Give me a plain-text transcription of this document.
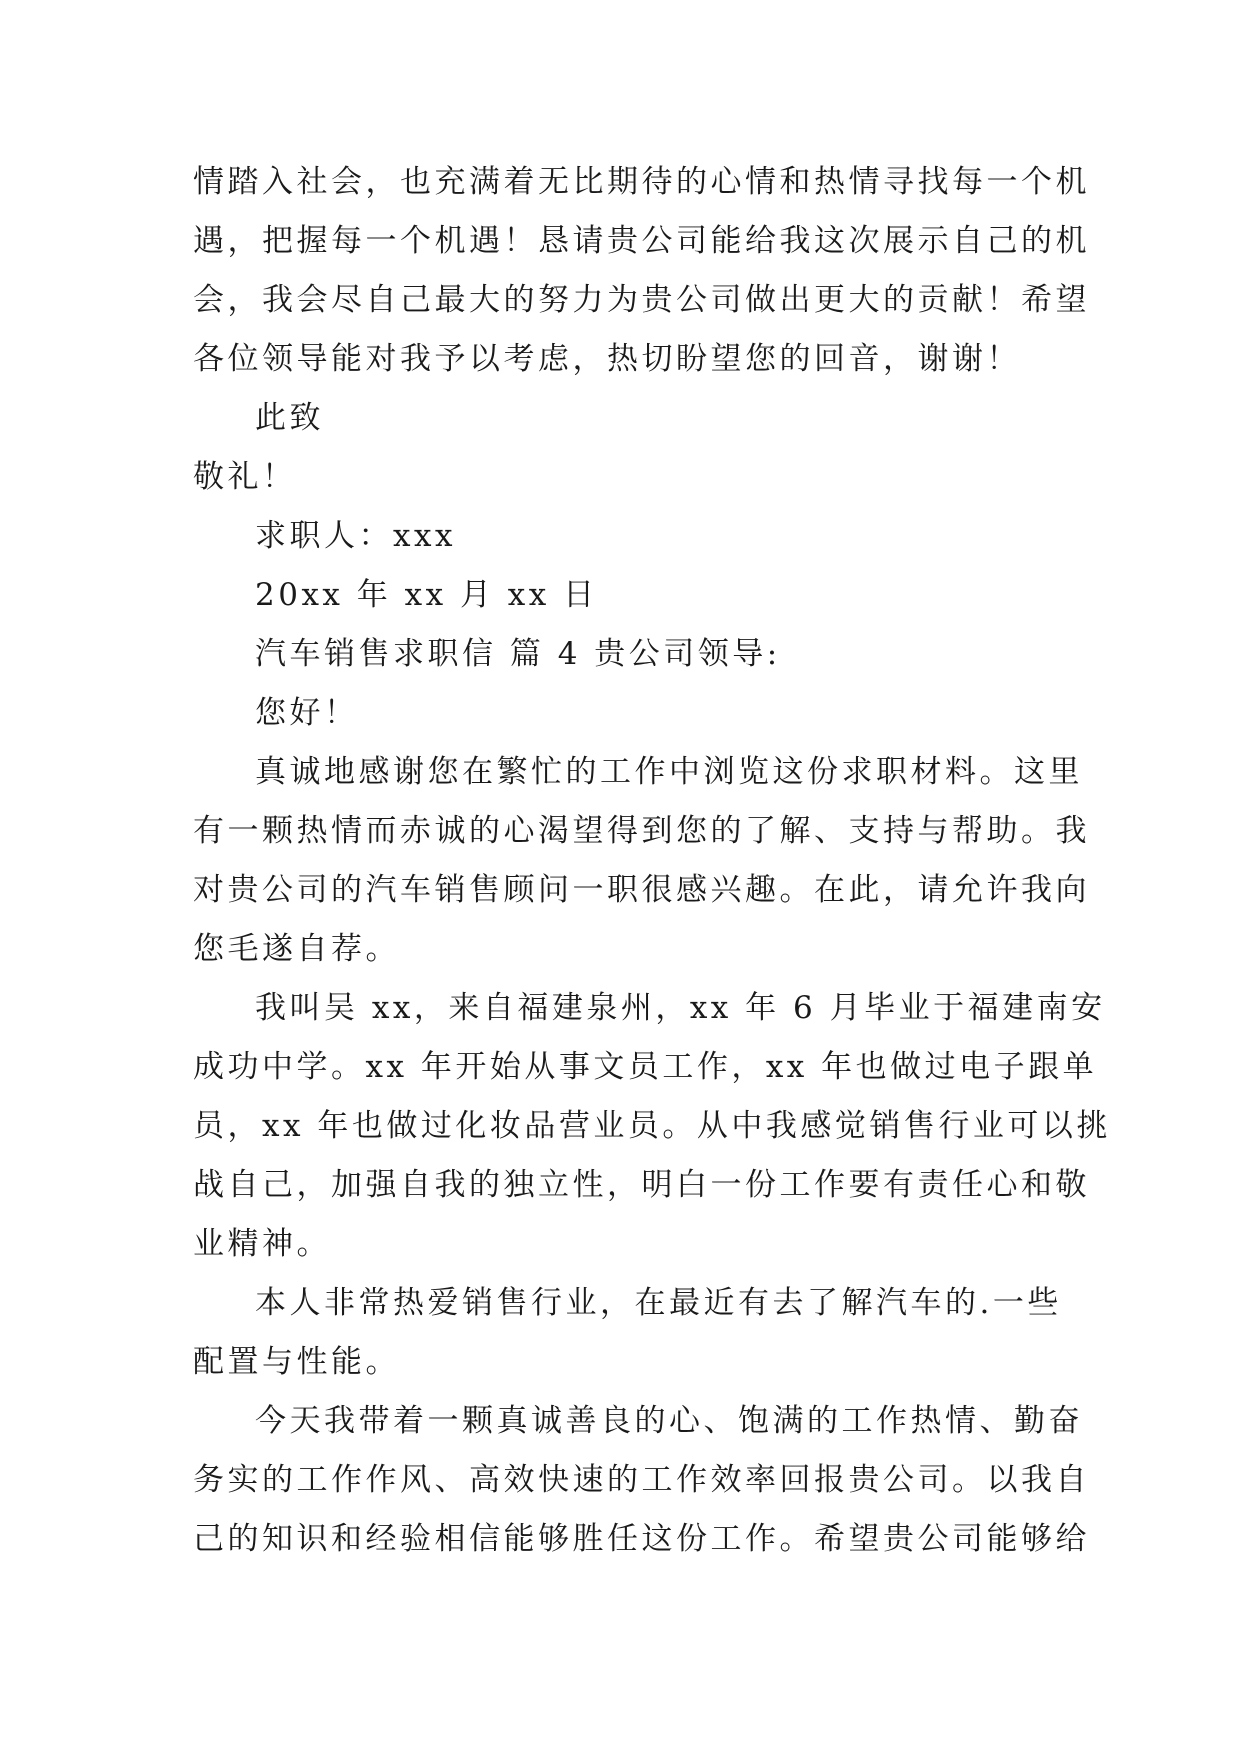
情踏入社会，也充满着无比期待的心情和热情寻找每一个机
遇，把握每一个机遇！恳请贵公司能给我这次展示自己的机
会，我会尽自己最大的努力为贵公司做出更大的贡献！希望
各位领导能对我予以考虑，热切盼望您的回音，谢谢！
此致
敬礼！
求职人：xxx
20xx 年 xx 月 xx 日
汽车销售求职信 篇 4 贵公司领导:
您好！
真诚地感谢您在繁忙的工作中浏览这份求职材料。这里
有一颗热情而赤诚的心渴望得到您的了解、支持与帮助。我
对贵公司的汽车销售顾问一职很感兴趣。在此，请允许我向
您毛遂自荐。
我叫吴 xx，来自福建泉州，xx 年 6 月毕业于福建南安
成功中学。xx 年开始从事文员工作，xx 年也做过电子跟单
员，xx 年也做过化妆品营业员。从中我感觉销售行业可以挑
战自己，加强自我的独立性，明白一份工作要有责任心和敬
业精神。
本人非常热爱销售行业，在最近有去了解汽车的.一些
配置与性能。
今天我带着一颗真诚善良的心、饱满的工作热情、勤奋
务实的工作作风、高效快速的工作效率回报贵公司。以我自
己的知识和经验相信能够胜任这份工作。希望贵公司能够给
